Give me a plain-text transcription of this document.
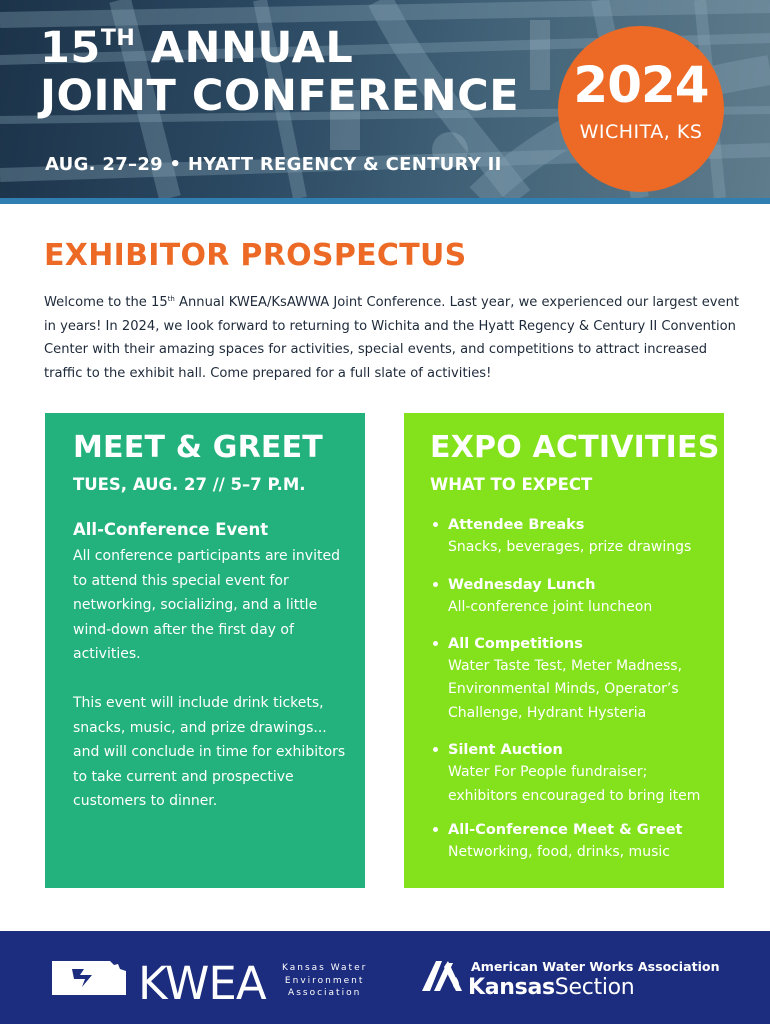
15TH ANNUAL
JOINT CONFERENCE
AUG. 27–29 • HYATT REGENCY & CENTURY II
2024
WICHITA, KS
EXHIBITOR PROSPECTUS
Welcome to the 15th Annual KWEA/KsAWWA Joint Conference. Last year, we experienced our largest event in years! In 2024, we look forward to returning to Wichita and the Hyatt Regency & Century II Convention Center with their amazing spaces for activities, special events, and competitions to attract increased traffic to the exhibit hall. Come prepared for a full slate of activities!
MEET & GREET
TUES, AUG. 27 // 5–7 P.M.
All-Conference Event

All conference participants are invited to attend this special event for networking, socializing, and a little wind-down after the first day of activities.

This event will include drink tickets, snacks, music, and prize drawings... and will conclude in time for exhibitors to take current and prospective customers to dinner.

EXPO ACTIVITIES
WHAT TO EXPECT
Attendee Breaks
Snacks, beverages, prize drawings
Wednesday Lunch
All-conference joint luncheon
All Competitions
Water Taste Test, Meter Madness,
Environmental Minds, Operator’s
Challenge, Hydrant Hysteria
Silent Auction
Water For People fundraiser;
exhibitors encouraged to bring item
All-Conference Meet & Greet
Networking, food, drinks, music
KWEA Kansas Water
Environment
Association
American Water Works Association
KansasSection
